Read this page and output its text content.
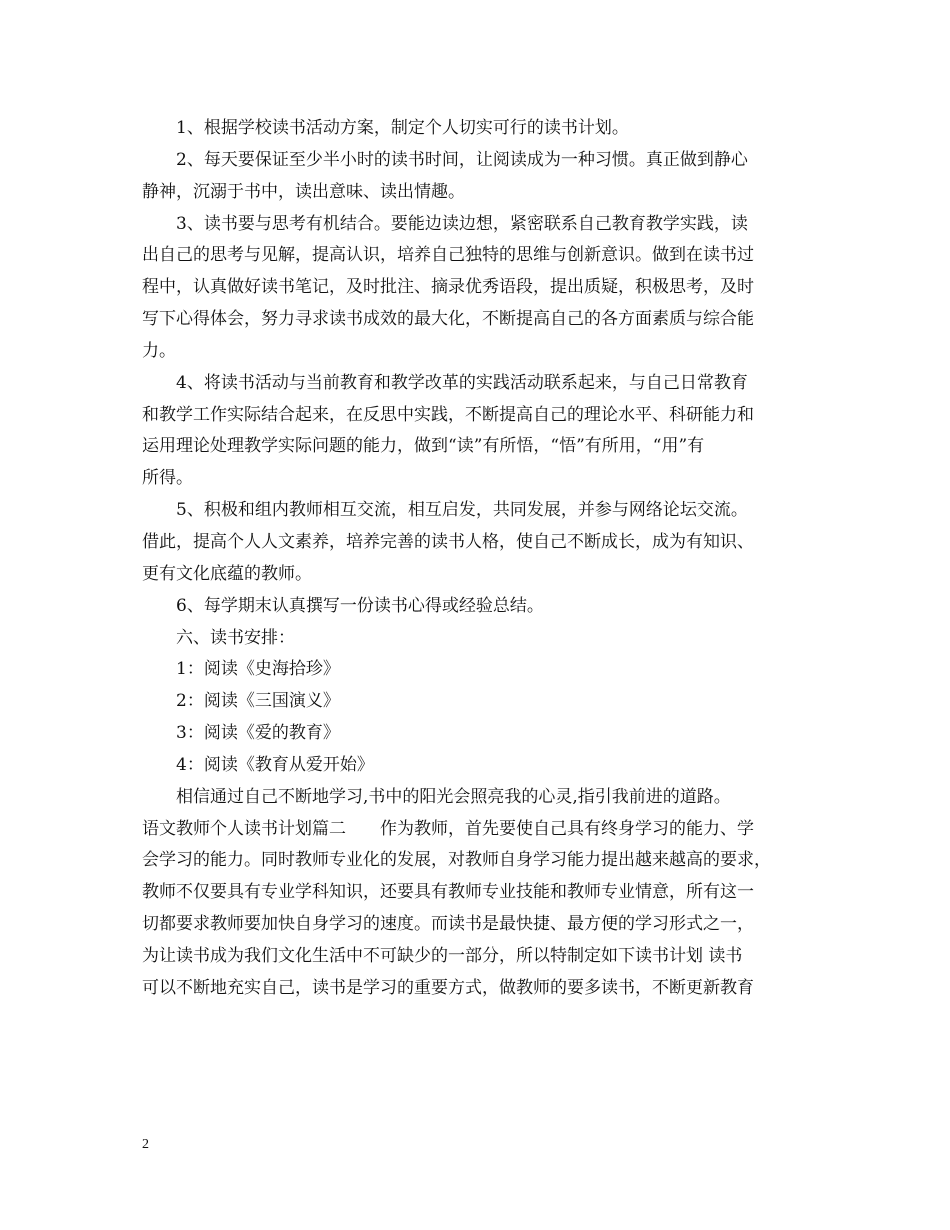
1、根据学校读书活动方案，制定个人切实可行的读书计划。
2、每天要保证至少半小时的读书时间，让阅读成为一种习惯。真正做到静心
静神，沉溺于书中，读出意味、读出情趣。
3、读书要与思考有机结合。要能边读边想，紧密联系自己教育教学实践，读
出自己的思考与见解，提高认识，培养自己独特的思维与创新意识。做到在读书过
程中，认真做好读书笔记，及时批注、摘录优秀语段，提出质疑，积极思考，及时
写下心得体会，努力寻求读书成效的最大化，不断提高自己的各方面素质与综合能
力。
4、将读书活动与当前教育和教学改革的实践活动联系起来，与自己日常教育
和教学工作实际结合起来，在反思中实践，不断提高自己的理论水平、科研能力和
运用理论处理教学实际问题的能力，做到“读”有所悟，“悟”有所用，“用”有
所得。
5、积极和组内教师相互交流，相互启发，共同发展，并参与网络论坛交流。
借此，提高个人人文素养，培养完善的读书人格，使自己不断成长，成为有知识、
更有文化底蕴的教师。
6、每学期末认真撰写一份读书心得或经验总结。
六、读书安排：
1：阅读《史海拾珍》
2：阅读《三国演义》
3：阅读《爱的教育》
4：阅读《教育从爱开始》
相信通过自己不断地学习,书中的阳光会照亮我的心灵,指引我前进的道路。
语文教师个人读书计划篇二　　作为教师，首先要使自己具有终身学习的能力、学
会学习的能力。同时教师专业化的发展，对教师自身学习能力提出越来越高的要求，
教师不仅要具有专业学科知识，还要具有教师专业技能和教师专业情意，所有这一
切都要求教师要加快自身学习的速度。而读书是最快捷、最方便的学习形式之一，
为让读书成为我们文化生活中不可缺少的一部分，所以特制定如下读书计划 读书
可以不断地充实自己，读书是学习的重要方式，做教师的要多读书，不断更新教育
2
